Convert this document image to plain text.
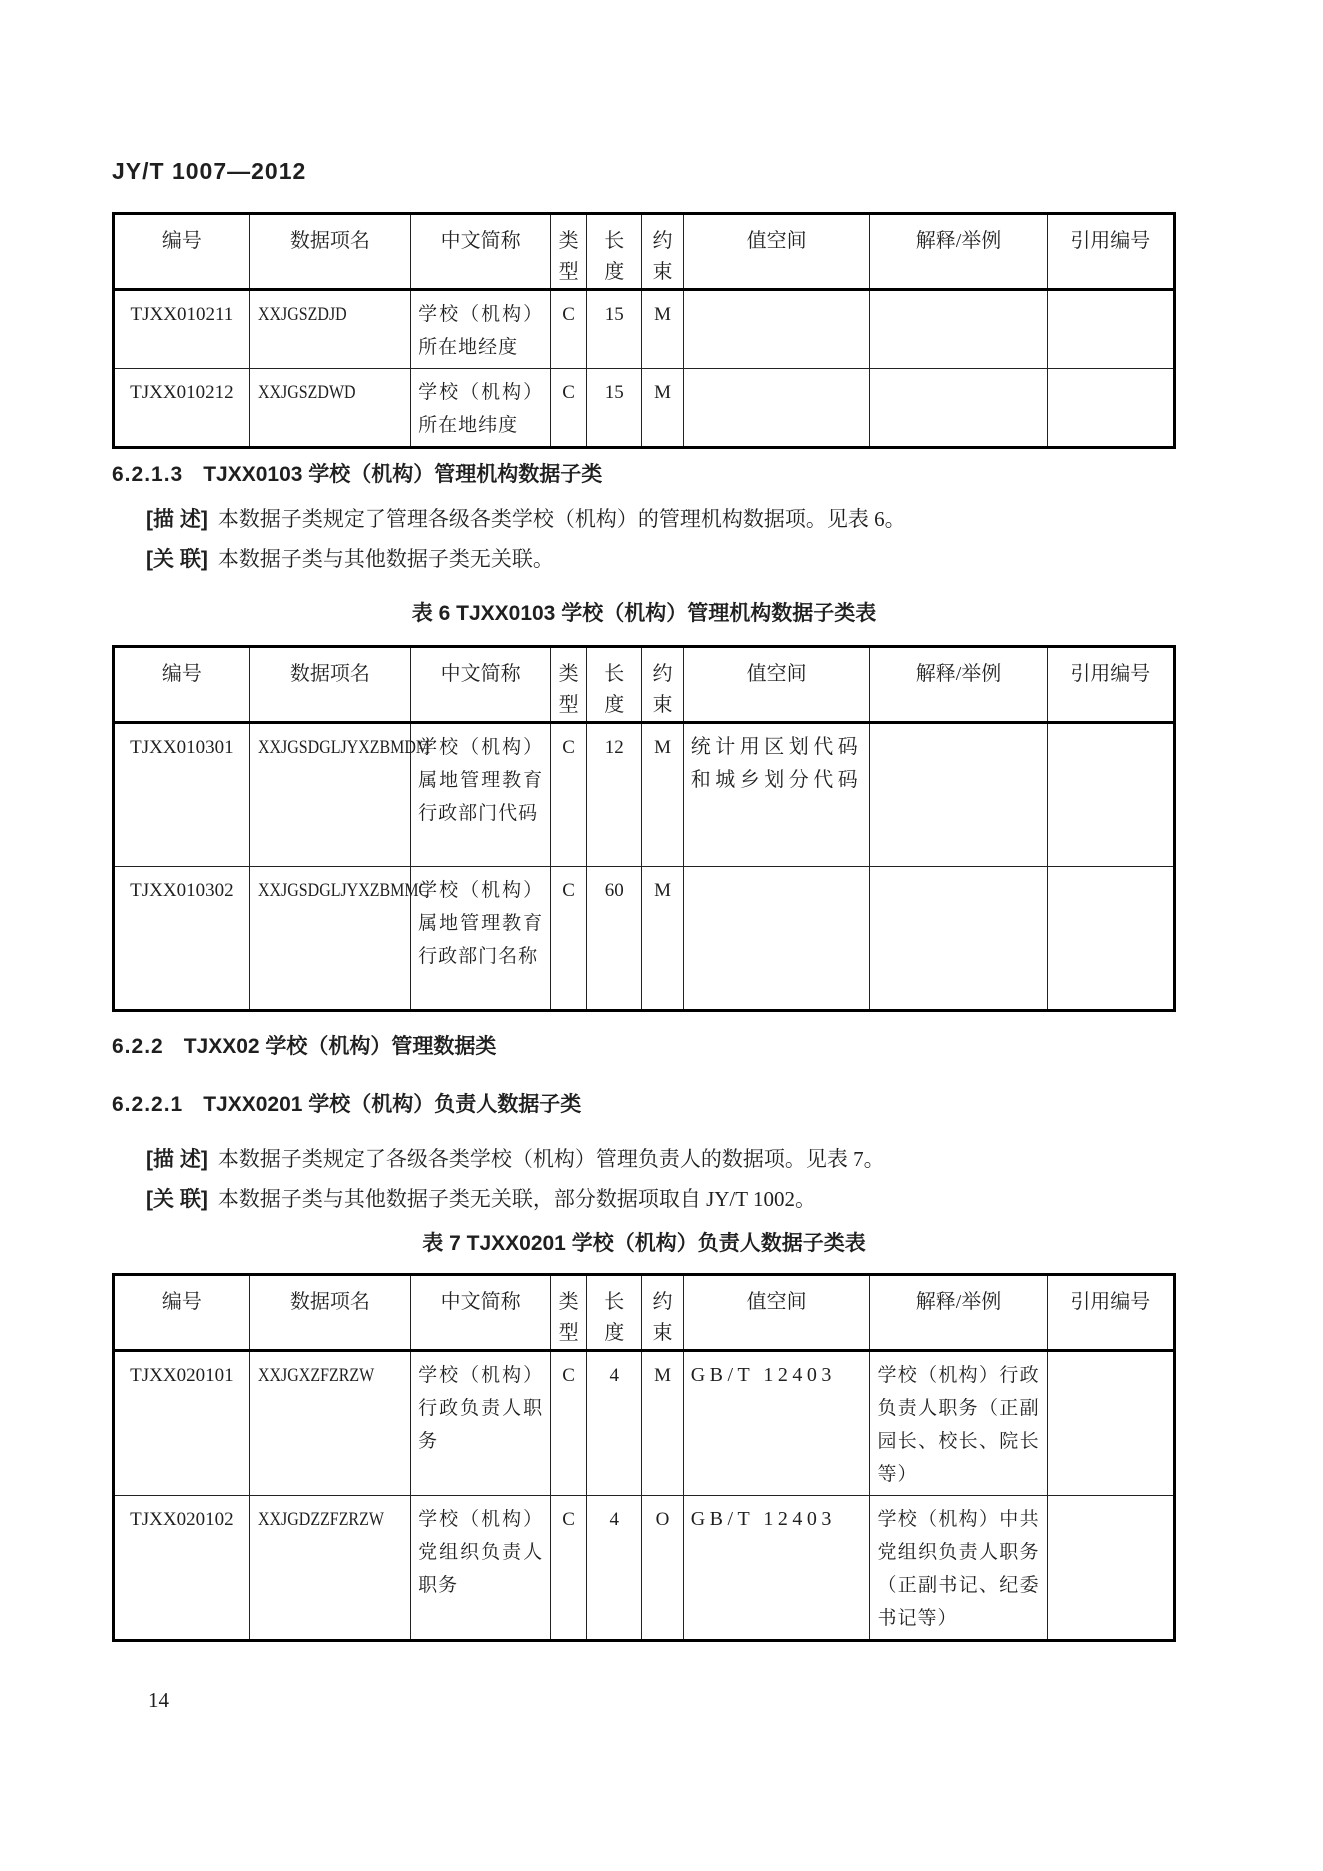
JY/T 1007—2012
编号	数据项名	中文简称	类型	长度	约束	值空间	解释/举例	引用编号
TJXX010211	XXJGSZDJD	学校（机构）所在地经度	C	15	M			
TJXX010212	XXJGSZDWD	学校（机构）所在地纬度	C	15	M			
6.2.1.3 TJXX0103 学校（机构）管理机构数据子类
[描 述] 本数据子类规定了管理各级各类学校（机构）的管理机构数据项。见表 6。
[关 联] 本数据子类与其他数据子类无关联。
表 6 TJXX0103 学校（机构）管理机构数据子类表
编号	数据项名	中文简称	类型	长度	约束	值空间	解释/举例	引用编号
TJXX010301	XXJGSDGLJYXZBMDM	学校（机构）属地管理教育行政部门代码	C	12	M	统计用区划代码和城乡划分代码		
TJXX010302	XXJGSDGLJYXZBMMC	学校（机构）属地管理教育行政部门名称	C	60	M			
6.2.2 TJXX02 学校（机构）管理数据类
6.2.2.1 TJXX0201 学校（机构）负责人数据子类
[描 述] 本数据子类规定了各级各类学校（机构）管理负责人的数据项。见表 7。
[关 联] 本数据子类与其他数据子类无关联，部分数据项取自 JY/T 1002。
表 7 TJXX0201 学校（机构）负责人数据子类表
编号	数据项名	中文简称	类型	长度	约束	值空间	解释/举例	引用编号
TJXX020101	XXJGXZFZRZW	学校（机构）行政负责人职务	C	4	M	GB/T 12403	学校（机构）行政负责人职务（正副园长、校长、院长等）	
TJXX020102	XXJGDZZFZRZW	学校（机构）党组织负责人职务	C	4	O	GB/T 12403	学校（机构）中共党组织负责人职务（正副书记、纪委书记等）	
14
